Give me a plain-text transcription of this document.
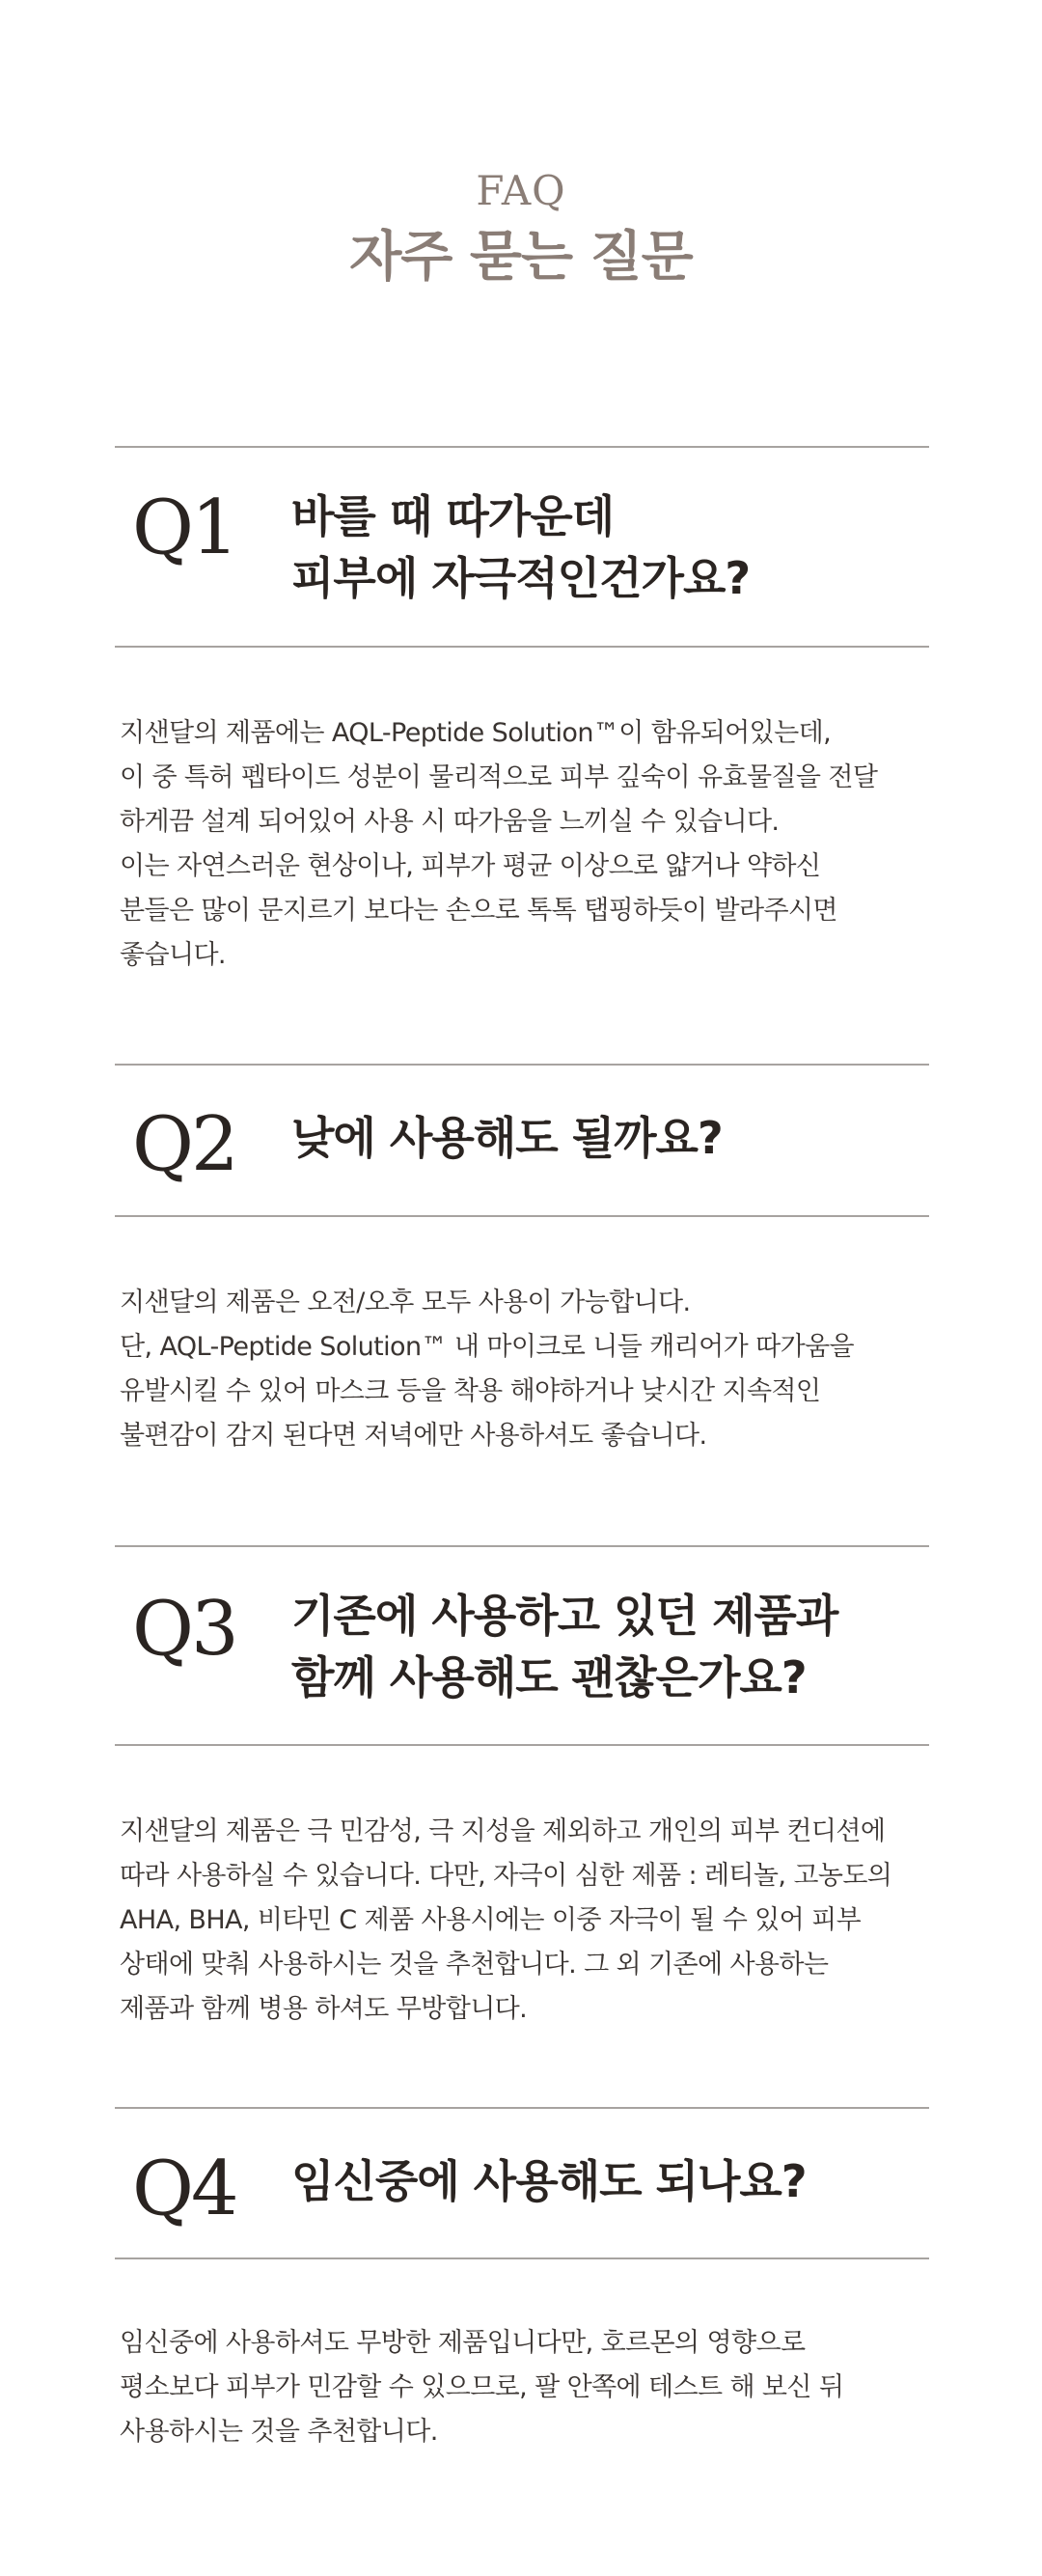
FAQ
자주 묻는 질문
Q1 바를 때 따가운데
피부에 자극적인건가요?
지샌달의 제품에는 AQL-Peptide Solution™이 함유되어있는데,
이 중 특허 펩타이드 성분이 물리적으로 피부 깊숙이 유효물질을 전달
하게끔 설계 되어있어 사용 시 따가움을 느끼실 수 있습니다.
이는 자연스러운 현상이나, 피부가 평균 이상으로 얇거나 약하신
분들은 많이 문지르기 보다는 손으로 톡톡 탭핑하듯이 발라주시면
좋습니다.
Q2 낮에 사용해도 될까요?
지샌달의 제품은 오전/오후 모두 사용이 가능합니다.
단, AQL-Peptide Solution™ 내 마이크로 니들 캐리어가 따가움을
유발시킬 수 있어 마스크 등을 착용 해야하거나 낮시간 지속적인
불편감이 감지 된다면 저녁에만 사용하셔도 좋습니다.
Q3 기존에 사용하고 있던 제품과
함께 사용해도 괜찮은가요?
지샌달의 제품은 극 민감성, 극 지성을 제외하고 개인의 피부 컨디션에
따라 사용하실 수 있습니다. 다만, 자극이 심한 제품 : 레티놀, 고농도의
AHA, BHA, 비타민 C 제품 사용시에는 이중 자극이 될 수 있어 피부
상태에 맞춰 사용하시는 것을 추천합니다. 그 외 기존에 사용하는
제품과 함께 병용 하셔도 무방합니다.
Q4 임신중에 사용해도 되나요?
임신중에 사용하셔도 무방한 제품입니다만, 호르몬의 영향으로
평소보다 피부가 민감할 수 있으므로, 팔 안쪽에 테스트 해 보신 뒤
사용하시는 것을 추천합니다.
